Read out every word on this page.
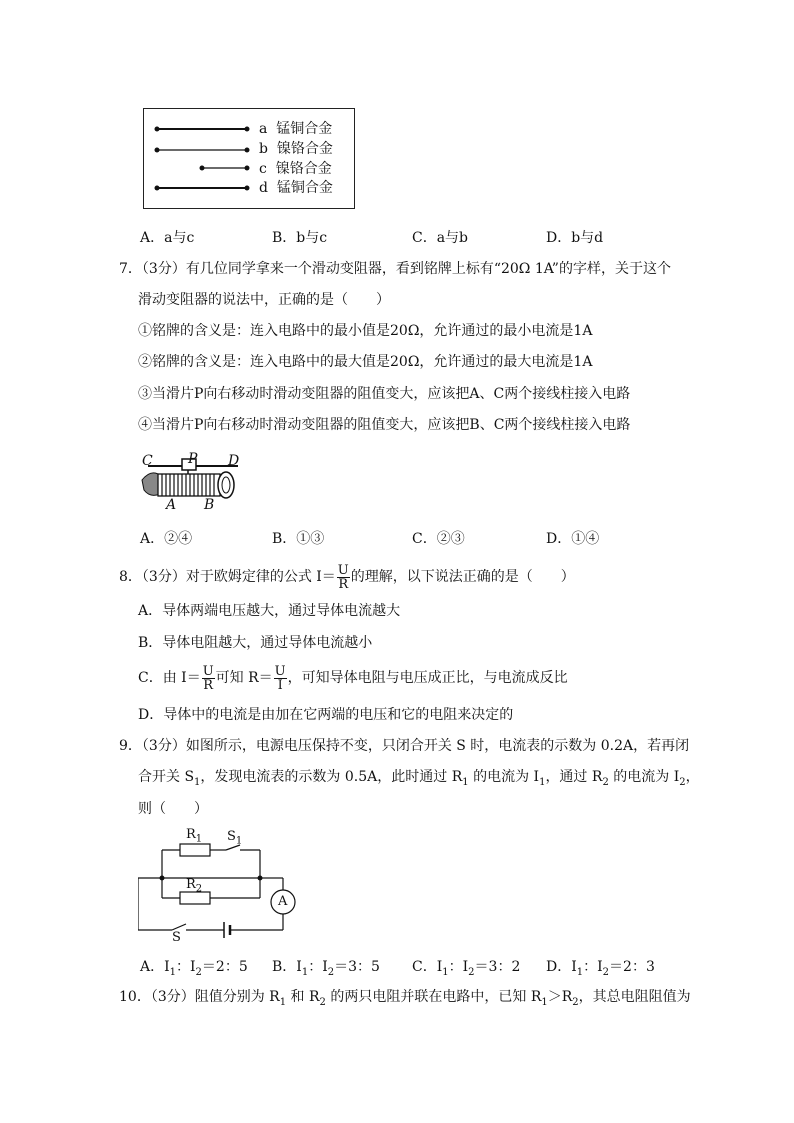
a 锰铜合金
b 镍铬合金
c 镍铬合金
d 锰铜合金
A．a与c	B．b与c	C．a与b	D．b与d
7．（3分）有几位同学拿来一个滑动变阻器，看到铭牌上标有“20Ω 1A”的字样，关于这个
滑动变阻器的说法中，正确的是（　　）
①铭牌的含义是：连入电路中的最小值是20Ω，允许通过的最小电流是1A
②铭牌的含义是：连入电路中的最大值是20Ω，允许通过的最大电流是1A
③当滑片P向右移动时滑动变阻器的阻值变大，应该把A、C两个接线柱接入电路
④当滑片P向右移动时滑动变阻器的阻值变大，应该把B、C两个接线柱接入电路
C	P D
A B
A．②④	B．①③	C．②③	D．①④
8．（3分）对于欧姆定律的公式 $I= \frac{U}{R}$ 的理解，以下说法正确的是（　　）
A．导体两端电压越大，通过导体电流越大
B．导体电阻越大，通过导体电流越小
C．由 $I= \frac{U}{R}$ 可知 $R= \frac{U}{I}$ ，可知导体电阻与电压成正比，与电流成反比
D．导体中的电流是由加在它两端的电压和它的电阻来决定的
9．（3分）如图所示，电源电压保持不变，只闭合开关 S 时，电流表的示数为 0.2A，若再闭
合开关 $S_1$，发现电流表的示数为 0.5A，此时通过 $R_1$ 的电流为 $I_1$，通过 $R_2$ 的电流为 $I_2$，
则（　　）
$R_1$ $S_1$
$R_2$
A
S
A．$I_1$：$I_2=2$：5 B．$I_1$：$I_2=3$：5 C．$I_1$：$I_2=3$：2 D．$I_1$：$I_2=2$：3
10．（3分）阻值分别为 $R_1$ 和 $R_2$ 的两只电阻并联在电路中，已知 $R_1>R_2$，其总电阻阻值为
